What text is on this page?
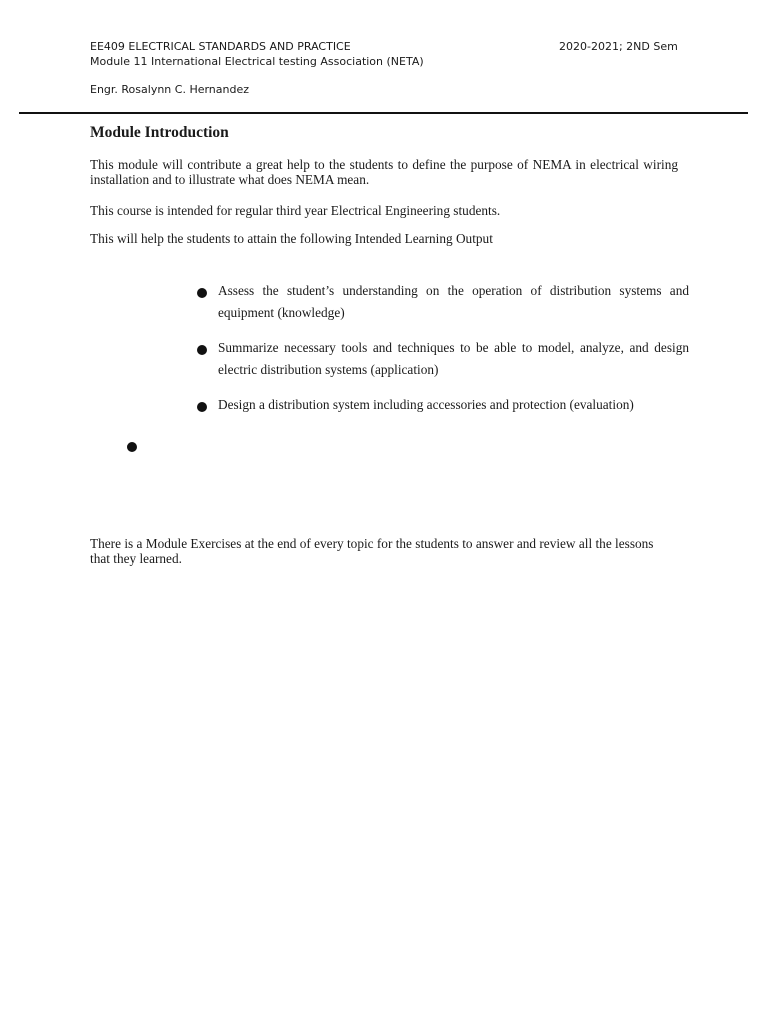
EE409 ELECTRICAL STANDARDS AND PRACTICE	2020-2021; 2ND Sem
Module 11 International Electrical testing Association (NETA)
Engr. Rosalynn C. Hernandez
Module Introduction
This module will contribute a great help to the students to define the purpose of NEMA in electrical wiring installation and to illustrate what does NEMA mean.
This course is intended for regular third year Electrical Engineering students.
This will help the students to attain the following Intended Learning Output
Assess the student’s understanding on the operation of distribution systems and equipment (knowledge)
Summarize necessary tools and techniques to be able to model, analyze, and design electric distribution systems (application)
Design a distribution system including accessories and protection (evaluation)
There is a Module Exercises at the end of every topic for the students to answer and review all the lessons that they learned.
